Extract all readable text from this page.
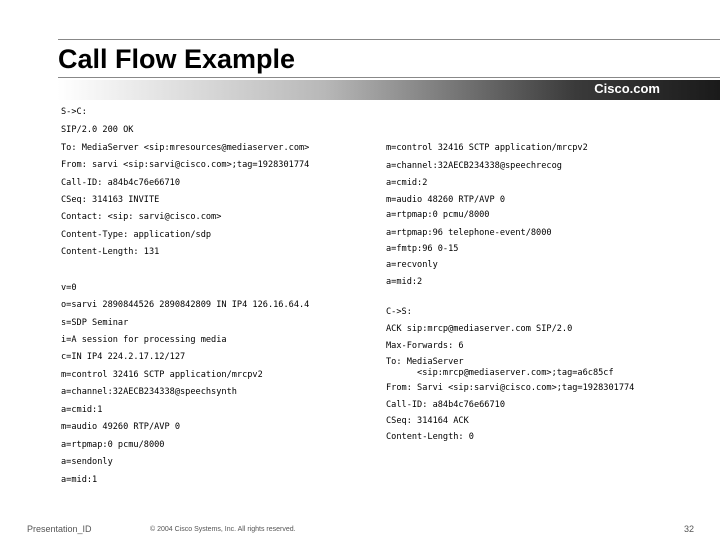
Call Flow Example
Cisco.com
S->C:
SIP/2.0 200 OK
To: MediaServer <sip:mresources@mediaserver.com>
From: sarvi <sip:sarvi@cisco.com>;tag=1928301774
Call-ID: a84b4c76e66710
CSeq: 314163 INVITE
Contact: <sip: sarvi@cisco.com>
Content-Type: application/sdp
Content-Length: 131
v=0
o=sarvi 2890844526 2890842809 IN IP4 126.16.64.4
s=SDP Seminar
i=A session for processing media
c=IN IP4 224.2.17.12/127
m=control 32416 SCTP application/mrcpv2
a=channel:32AECB234338@speechsynth
a=cmid:1
m=audio 49260 RTP/AVP 0
a=rtpmap:0 pcmu/8000
a=sendonly
a=mid:1
m=control 32416 SCTP application/mrcpv2
a=channel:32AECB234338@speechrecog
a=cmid:2
m=audio 48260 RTP/AVP 0
a=rtpmap:0 pcmu/8000
a=rtpmap:96 telephone-event/8000
a=fmtp:96 0-15
a=recvonly
a=mid:2
C->S:
ACK sip:mrcp@mediaserver.com SIP/2.0
Max-Forwards: 6
To: MediaServer
<sip:mrcp@mediaserver.com>;tag=a6c85cf
From: Sarvi <sip:sarvi@cisco.com>;tag=1928301774
Call-ID: a84b4c76e66710
CSeq: 314164 ACK
Content-Length: 0
Presentation_ID	© 2004 Cisco Systems, Inc. All rights reserved.	32
